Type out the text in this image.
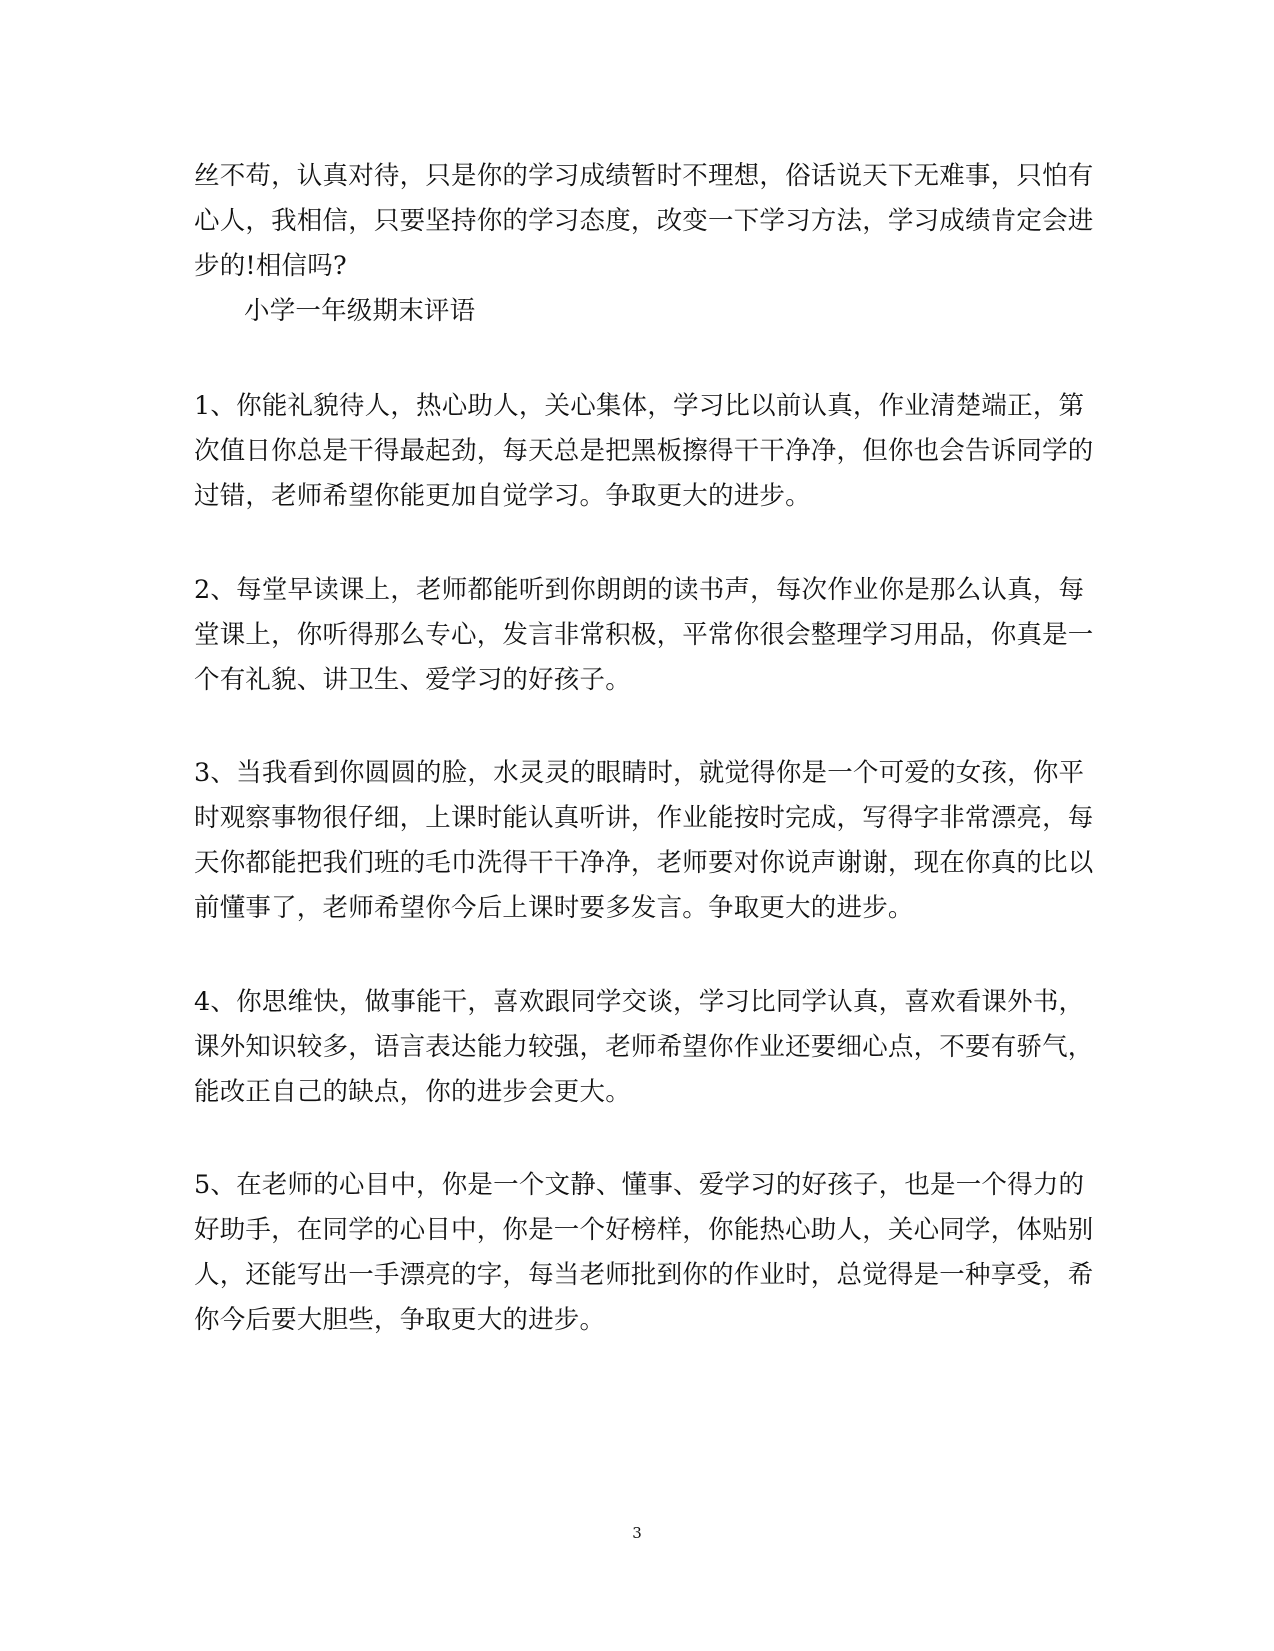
丝不苟，认真对待，只是你的学习成绩暂时不理想，俗话说天下无难事，只怕有
心人，我相信，只要坚持你的学习态度，改变一下学习方法，学习成绩肯定会进
步的!相信吗?
小学一年级期末评语
1、你能礼貌待人，热心助人，关心集体，学习比以前认真，作业清楚端正，第
次值日你总是干得最起劲，每天总是把黑板擦得干干净净，但你也会告诉同学的
过错，老师希望你能更加自觉学习。争取更大的进步。
2、每堂早读课上，老师都能听到你朗朗的读书声，每次作业你是那么认真，每
堂课上，你听得那么专心，发言非常积极，平常你很会整理学习用品，你真是一
个有礼貌、讲卫生、爱学习的好孩子。
3、当我看到你圆圆的脸，水灵灵的眼睛时，就觉得你是一个可爱的女孩，你平
时观察事物很仔细，上课时能认真听讲，作业能按时完成，写得字非常漂亮，每
天你都能把我们班的毛巾洗得干干净净，老师要对你说声谢谢，现在你真的比以
前懂事了，老师希望你今后上课时要多发言。争取更大的进步。
4、你思维快，做事能干，喜欢跟同学交谈，学习比同学认真，喜欢看课外书，
课外知识较多，语言表达能力较强，老师希望你作业还要细心点，不要有骄气，
能改正自己的缺点，你的进步会更大。
5、在老师的心目中，你是一个文静、懂事、爱学习的好孩子，也是一个得力的
好助手，在同学的心目中，你是一个好榜样，你能热心助人，关心同学，体贴别
人，还能写出一手漂亮的字，每当老师批到你的作业时，总觉得是一种享受，希
你今后要大胆些，争取更大的进步。
3
